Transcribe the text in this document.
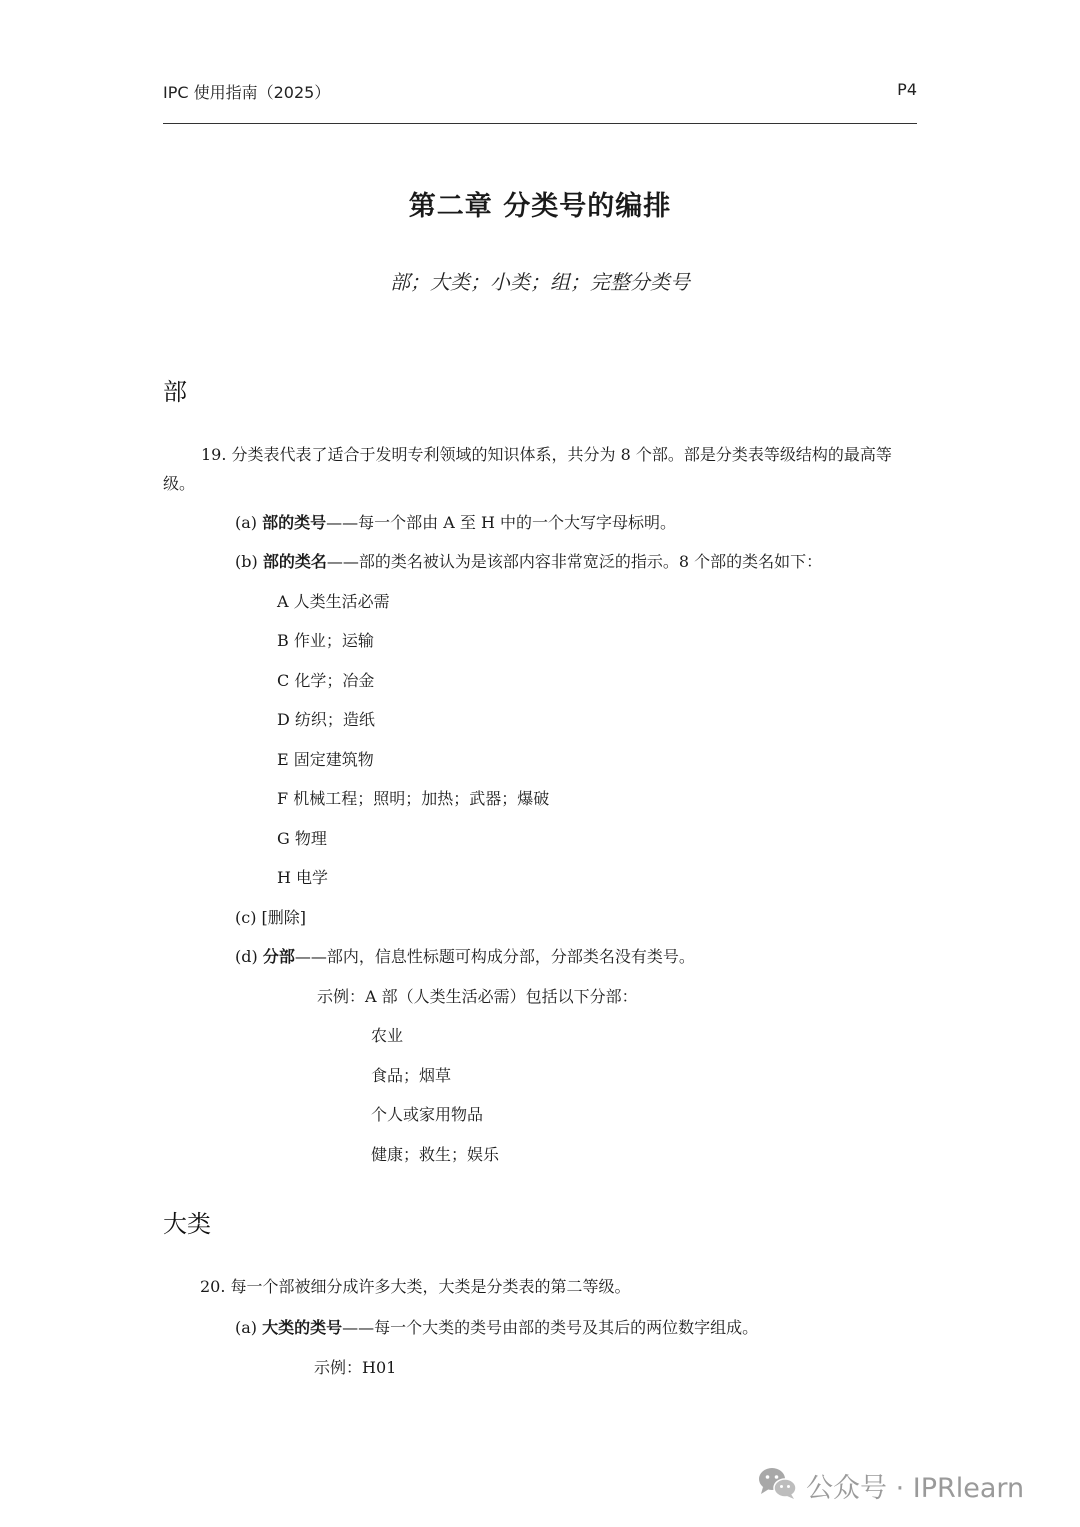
IPC 使用指南（2025）	P4
第二章 分类号的编排
部；大类；小类；组；完整分类号
部
19. 分类表代表了适合于发明专利领域的知识体系，共分为 8 个部。部是分类表等级结构的最高等级。
(a) 部的类号——每一个部由 A 至 H 中的一个大写字母标明。
(b) 部的类名——部的类名被认为是该部内容非常宽泛的指示。8 个部的类名如下：
A 人类生活必需
B 作业；运输
C 化学；冶金
D 纺织；造纸
E 固定建筑物
F 机械工程；照明；加热；武器；爆破
G 物理
H 电学
(c) [删除]
(d) 分部——部内，信息性标题可构成分部，分部类名没有类号。
示例：A 部（人类生活必需）包括以下分部：
农业
食品；烟草
个人或家用物品
健康；救生；娱乐
大类
20. 每一个部被细分成许多大类，大类是分类表的第二等级。
(a) 大类的类号——每一个大类的类号由部的类号及其后的两位数字组成。
示例：H01
公众号 · IPRlearn
